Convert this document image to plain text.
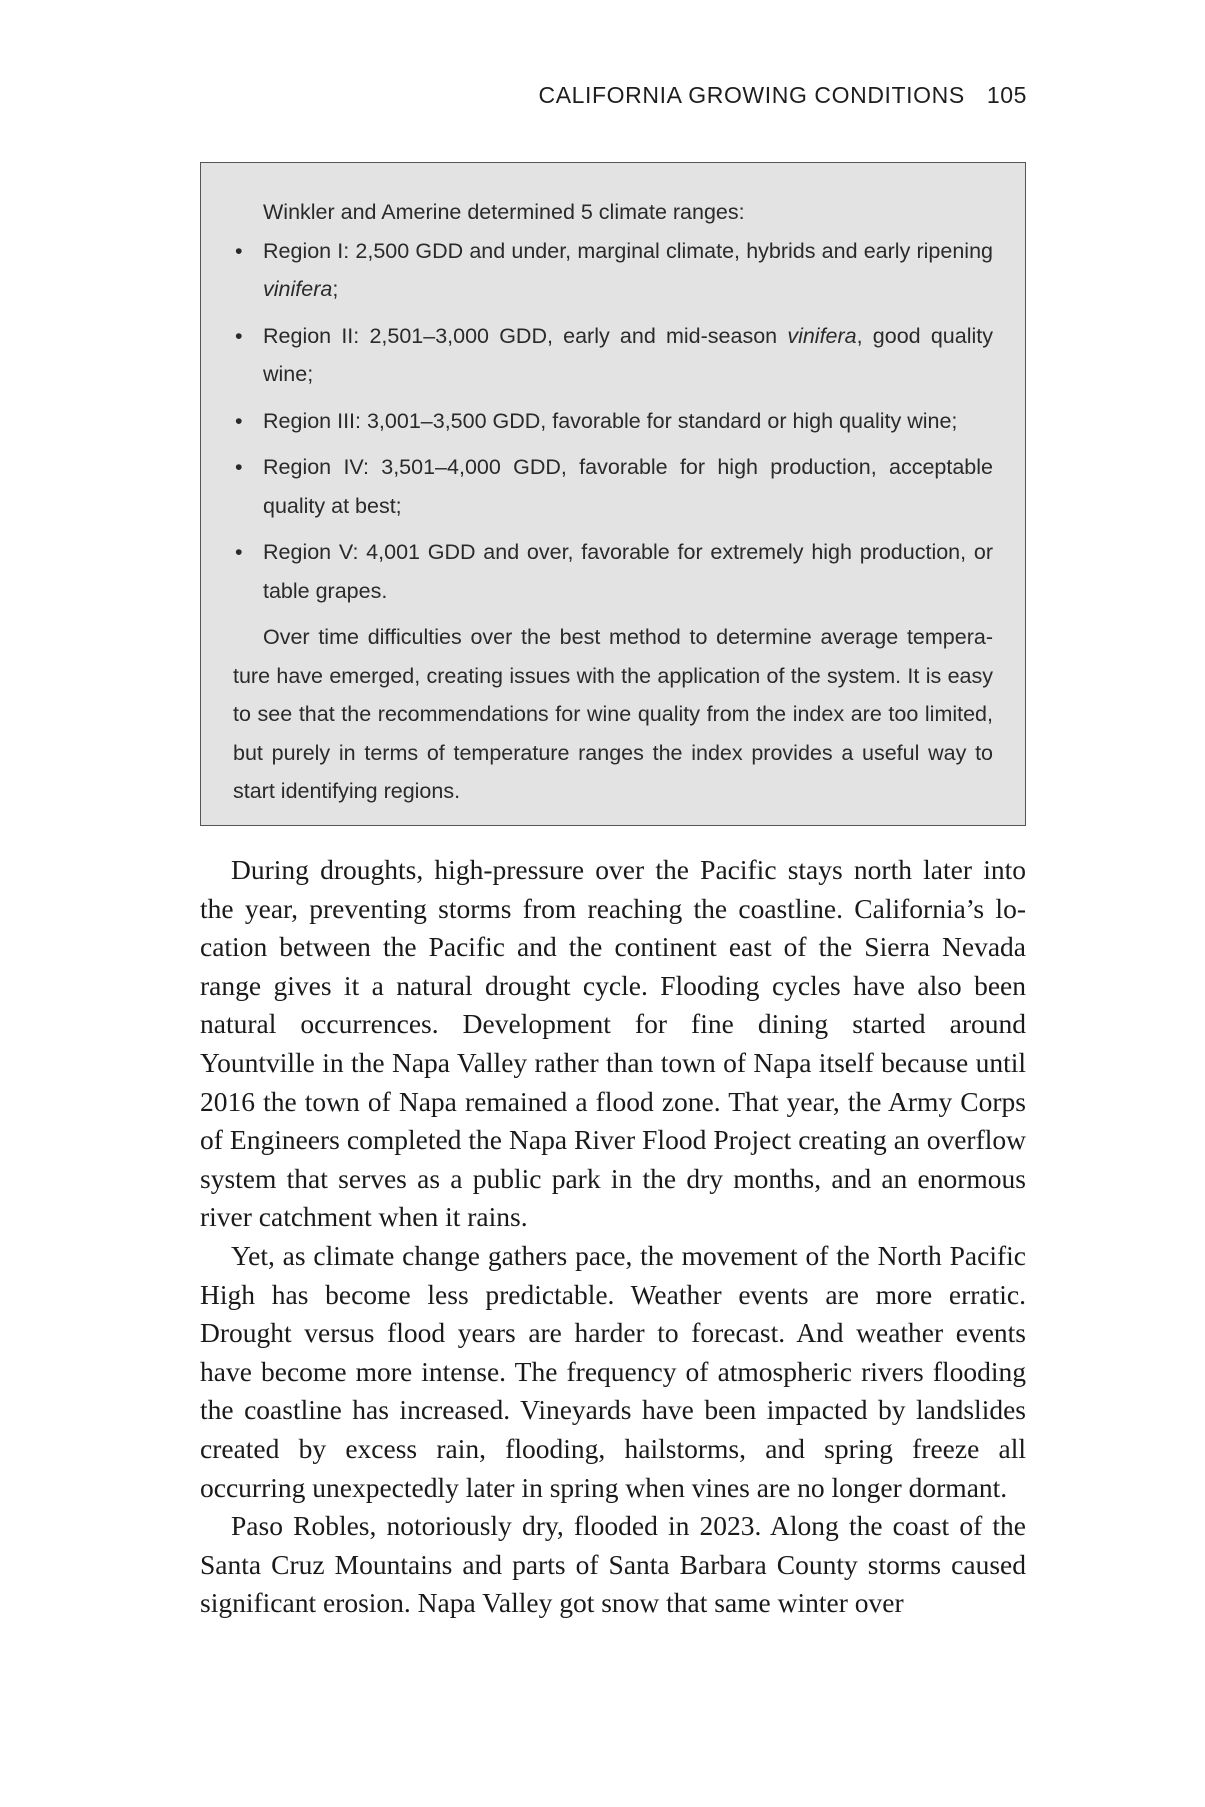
CALIFORNIA GROWING CONDITIONS 105

Winkler and Amerine determined 5 climate ranges:

• Region I: 2,500 GDD and under, marginal climate, hybrids and early ripening vinifera;
• Region II: 2,501–3,000 GDD, early and mid-season vinifera, good quality wine;
• Region III: 3,001–3,500 GDD, favorable for standard or high quality wine;
• Region IV: 3,501–4,000 GDD, favorable for high production, acceptable quality at best;
• Region V: 4,001 GDD and over, favorable for extremely high production, or table grapes.

Over time difficulties over the best method to determine average temperature have emerged, creating issues with the application of the system. It is easy to see that the recommendations for wine quality from the index are too limited, but purely in terms of temperature ranges the index provides a useful way to start identifying regions.

During droughts, high-pressure over the Pacific stays north later into the year, preventing storms from reaching the coastline. California’s location between the Pacific and the continent east of the Sierra Nevada range gives it a natural drought cycle. Flooding cycles have also been natural occurrences. Development for fine dining started around Yountville in the Napa Valley rather than town of Napa itself because until 2016 the town of Napa remained a flood zone. That year, the Army Corps of Engineers completed the Napa River Flood Project creating an overflow system that serves as a public park in the dry months, and an enormous river catchment when it rains.

Yet, as climate change gathers pace, the movement of the North Pacific High has become less predictable. Weather events are more erratic. Drought versus flood years are harder to forecast. And weather events have become more intense. The frequency of atmospheric rivers flooding the coastline has increased. Vineyards have been impacted by landslides created by excess rain, flooding, hailstorms, and spring freeze all occurring unexpectedly later in spring when vines are no longer dormant.

Paso Robles, notoriously dry, flooded in 2023. Along the coast of the Santa Cruz Mountains and parts of Santa Barbara County storms caused significant erosion. Napa Valley got snow that same winter over
